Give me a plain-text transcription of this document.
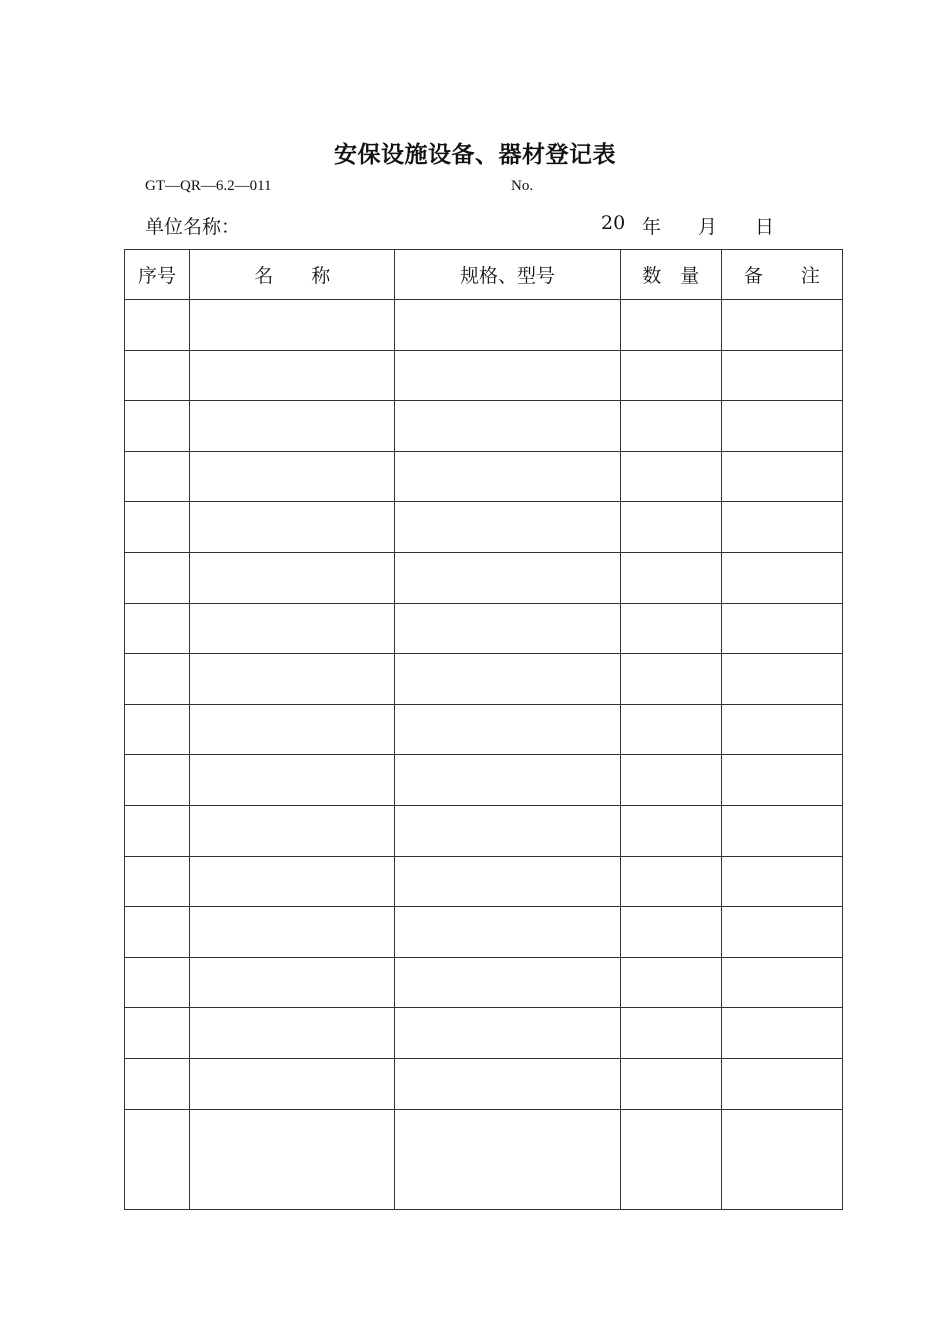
安保设施设备、器材登记表
GT—QR—6.2—011	No.
单位名称：	20 年 月 日
序号	名　　称	规格、型号	数　量	备　　注
